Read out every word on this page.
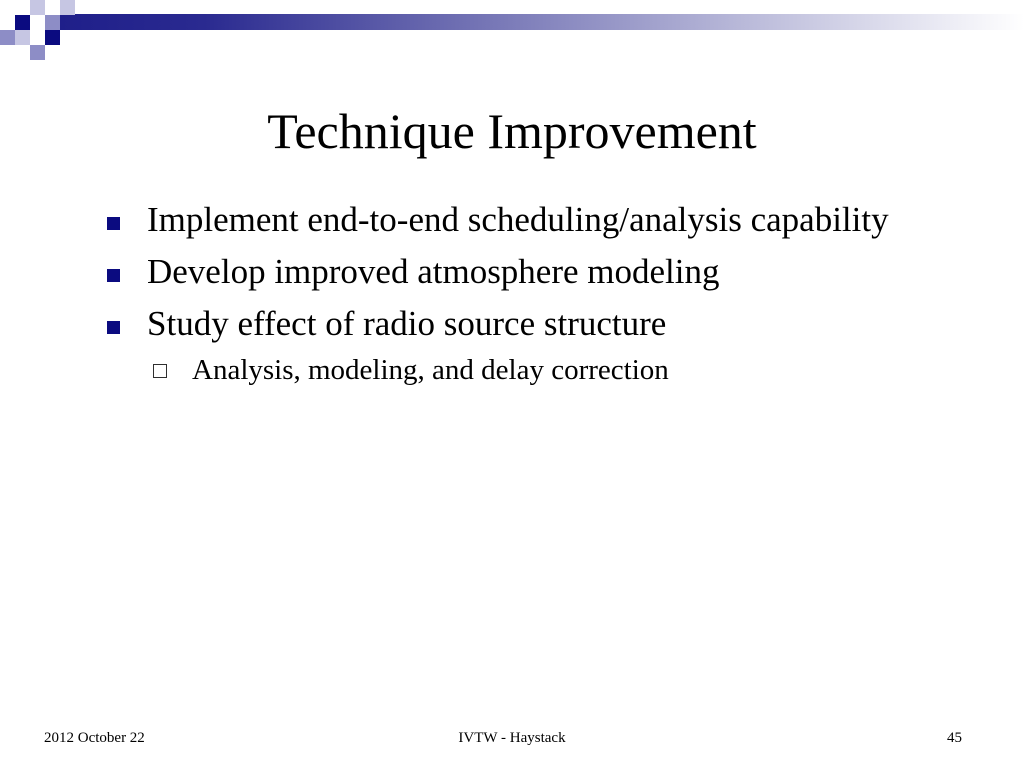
Technique Improvement
Implement end-to-end scheduling/analysis capability
Develop improved atmosphere modeling
Study effect of radio source structure
Analysis, modeling, and delay correction
2012 October 22	IVTW - Haystack	45
